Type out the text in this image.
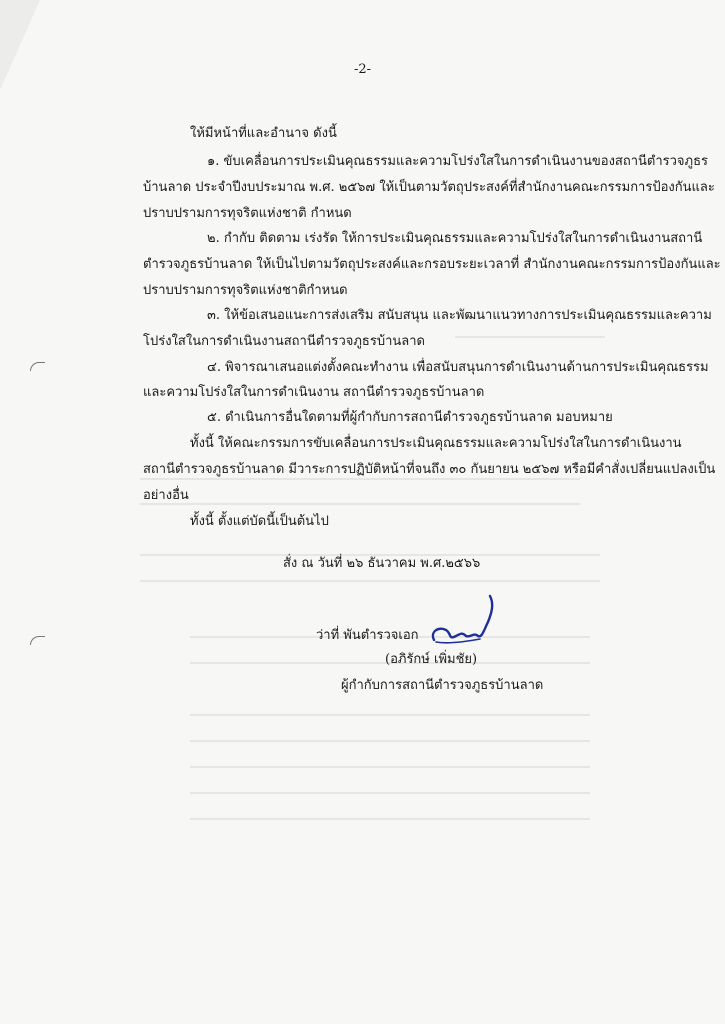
-2-
ให้มีหน้าที่และอำนาจ ดังนี้
๑. ขับเคลื่อนการประเมินคุณธรรมและความโปร่งใสในการดำเนินงานของสถานีตำรวจภูธร
บ้านลาด ประจำปีงบประมาณ พ.ศ. ๒๕๖๗ ให้เป็นตามวัตถุประสงค์ที่สำนักงานคณะกรรมการป้องกันและ
ปราบปรามการทุจริตแห่งชาติ กำหนด
๒. กำกับ ติดตาม เร่งรัด ให้การประเมินคุณธรรมและความโปร่งใสในการดำเนินงานสถานี
ตำรวจภูธรบ้านลาด ให้เป็นไปตามวัตถุประสงค์และกรอบระยะเวลาที่ สำนักงานคณะกรรมการป้องกันและ
ปราบปรามการทุจริตแห่งชาติกำหนด
๓. ให้ข้อเสนอแนะการส่งเสริม สนับสนุน และพัฒนาแนวทางการประเมินคุณธรรมและความ
โปร่งใสในการดำเนินงานสถานีตำรวจภูธรบ้านลาด
๔. พิจารณาเสนอแต่งตั้งคณะทำงาน เพื่อสนับสนุนการดำเนินงานด้านการประเมินคุณธรรม
และความโปร่งใสในการดำเนินงาน สถานีตำรวจภูธรบ้านลาด
๕. ดำเนินการอื่นใดตามที่ผู้กำกับการสถานีตำรวจภูธรบ้านลาด มอบหมาย
ทั้งนี้ ให้คณะกรรมการขับเคลื่อนการประเมินคุณธรรมและความโปร่งใสในการดำเนินงาน
สถานีตำรวจภูธรบ้านลาด มีวาระการปฏิบัติหน้าที่จนถึง ๓๐ กันยายน ๒๕๖๗ หรือมีคำสั่งเปลี่ยนแปลงเป็น
อย่างอื่น
ทั้งนี้ ตั้งแต่บัดนี้เป็นต้นไป
สั่ง ณ วันที่ ๒๖ ธันวาคม พ.ศ.๒๕๖๖
ว่าที่ พันตำรวจเอก
(อภิรักษ์ เพิ่มชัย)
ผู้กำกับการสถานีตำรวจภูธรบ้านลาด
